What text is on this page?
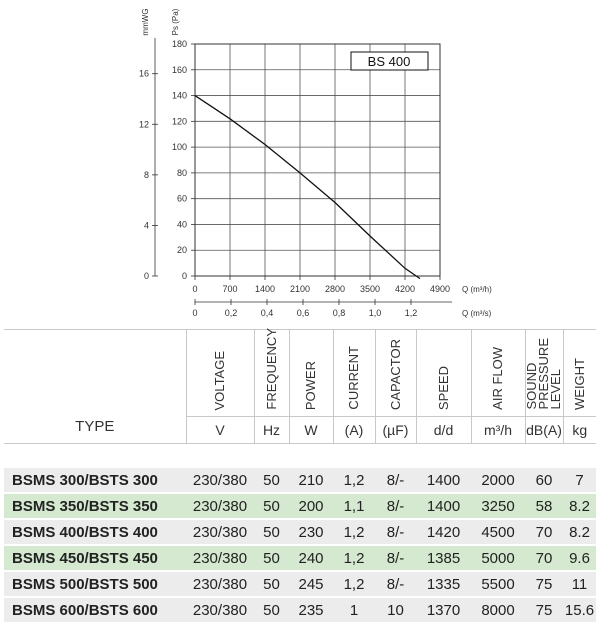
0	700 1400 2100 2800 3500 4200 4900 Q (m³/h)
0	0,2	0,4	0,6	0,8	1,0	1,2	Q (m³/s)
0
20
40
60
80
100
120
140
160
180
Ps (Pa)
0
4
8
12
16
mmWG
BS 400
TYPE	VOLTAGE	FREQUENCY	POWER	CURRENT	CAPACTOR	SPEED	AIR FLOW	SOUND
PRESSURE
LEVEL	WEIGHT

	V	Hz	W	(A)	(µF)	d/d	m³/h	dB(A)	kg

BSMS 300/BSTS 300	230/380	50	210	1,2	8/-	1400	2000	60	7
BSMS 350/BSTS 350	230/380	50	200	1,1	8/-	1400	3250	58	8.2
BSMS 400/BSTS 400	230/380	50	230	1,2	8/-	1420	4500	70	8.2
BSMS 450/BSTS 450	230/380	50	240	1,2	8/-	1385	5000	70	9.6
BSMS 500/BSTS 500	230/380	50	245	1,2	8/-	1335	5500	75	11
BSMS 600/BSTS 600	230/380	50	235	1	10	1370	8000	75	15.6
